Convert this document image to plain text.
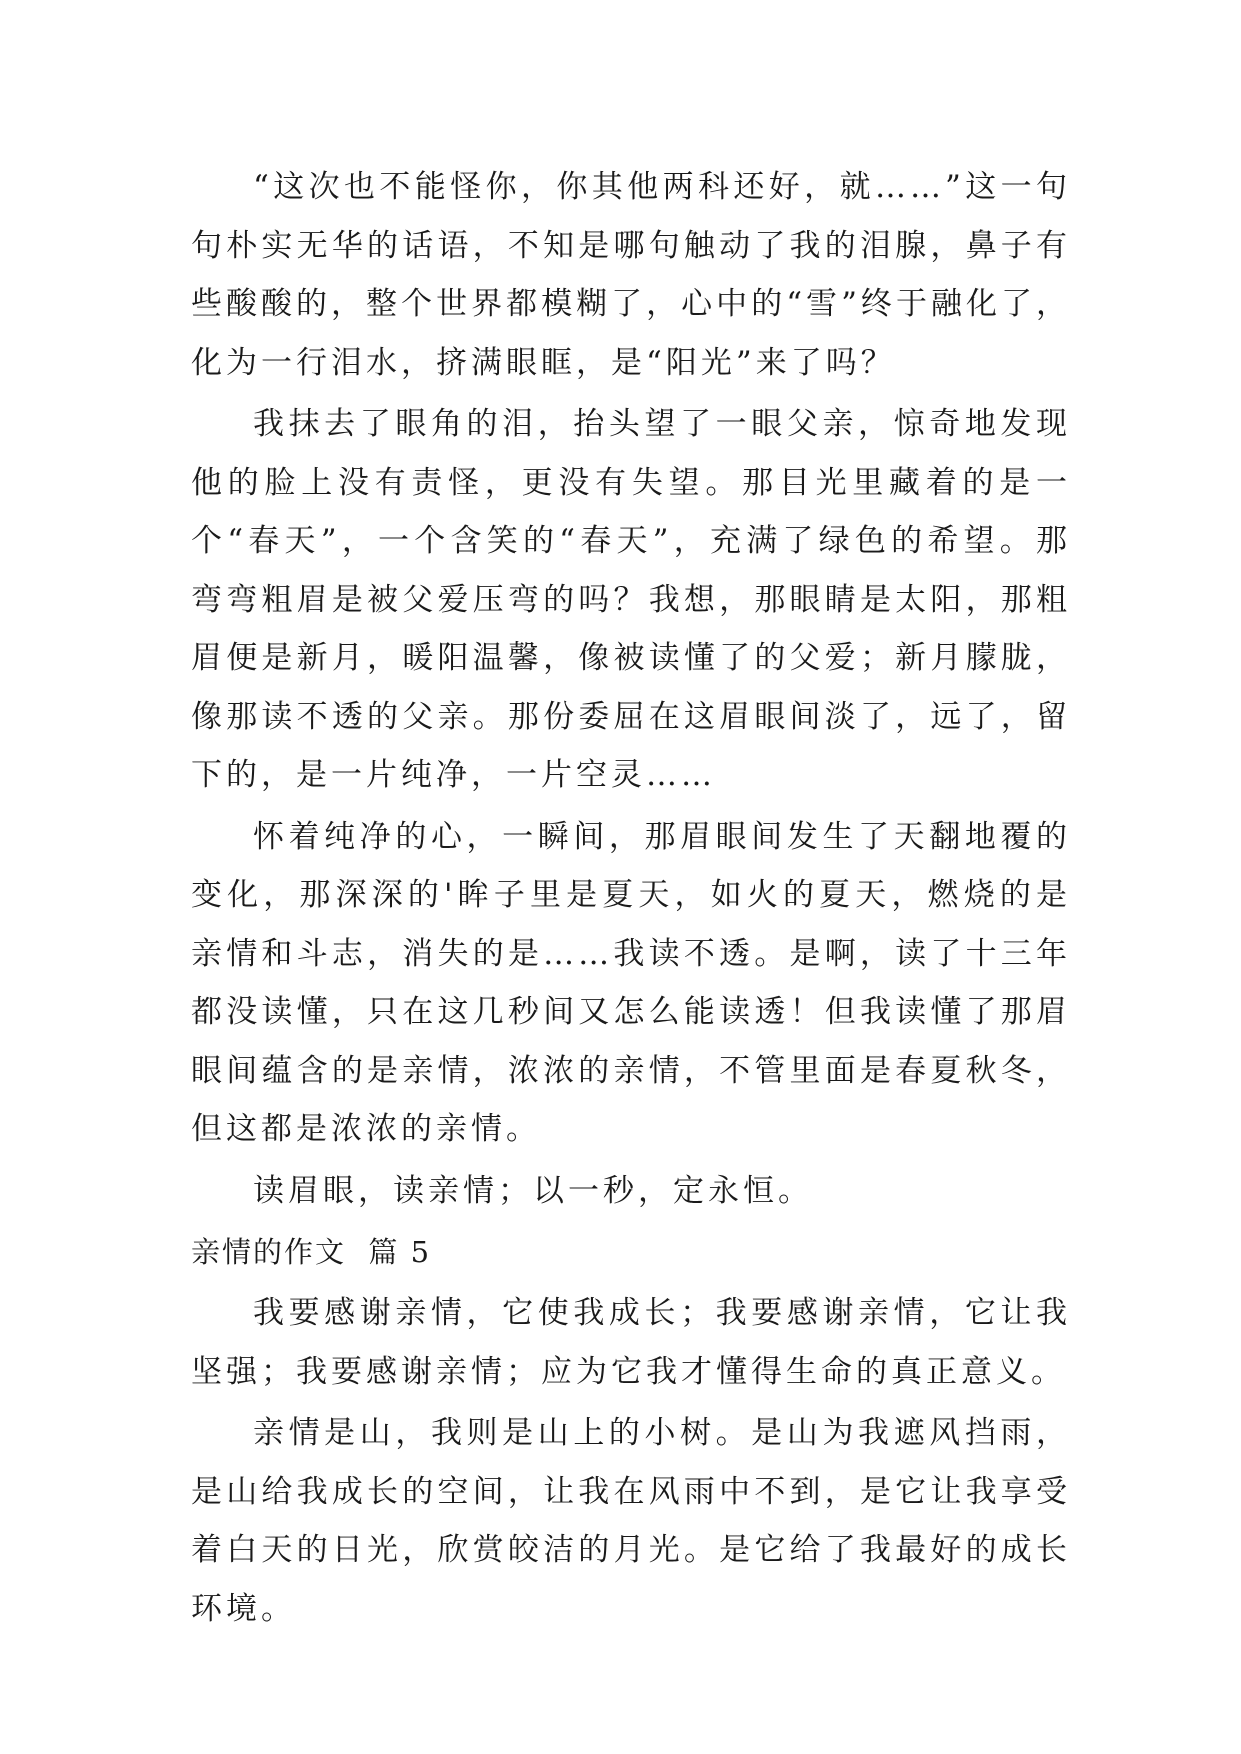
“这次也不能怪你，你其他两科还好，就……”这一句句朴实无华的话语，不知是哪句触动了我的泪腺，鼻子有些酸酸的，整个世界都模糊了，心中的“雪”终于融化了，化为一行泪水，挤满眼眶，是“阳光”来了吗？

我抹去了眼角的泪，抬头望了一眼父亲，惊奇地发现他的脸上没有责怪，更没有失望。那目光里藏着的是一个“春天”，一个含笑的“春天”，充满了绿色的希望。那弯弯粗眉是被父爱压弯的吗？我想，那眼睛是太阳，那粗眉便是新月，暖阳温馨，像被读懂了的父爱；新月朦胧，像那读不透的父亲。那份委屈在这眉眼间淡了，远了，留下的，是一片纯净，一片空灵……

怀着纯净的心，一瞬间，那眉眼间发生了天翻地覆的变化，那深深的'眸子里是夏天，如火的夏天，燃烧的是亲情和斗志，消失的是……我读不透。是啊，读了十三年都没读懂，只在这几秒间又怎么能读透！但我读懂了那眉眼间蕴含的是亲情，浓浓的亲情，不管里面是春夏秋冬，但这都是浓浓的亲情。

读眉眼，读亲情；以一秒，定永恒。

亲情的作文  篇 5

我要感谢亲情，它使我成长；我要感谢亲情，它让我坚强；我要感谢亲情；应为它我才懂得生命的真正意义。

亲情是山，我则是山上的小树。是山为我遮风挡雨，是山给我成长的空间，让我在风雨中不到，是它让我享受着白天的日光，欣赏皎洁的月光。是它给了我最好的成长环境。
